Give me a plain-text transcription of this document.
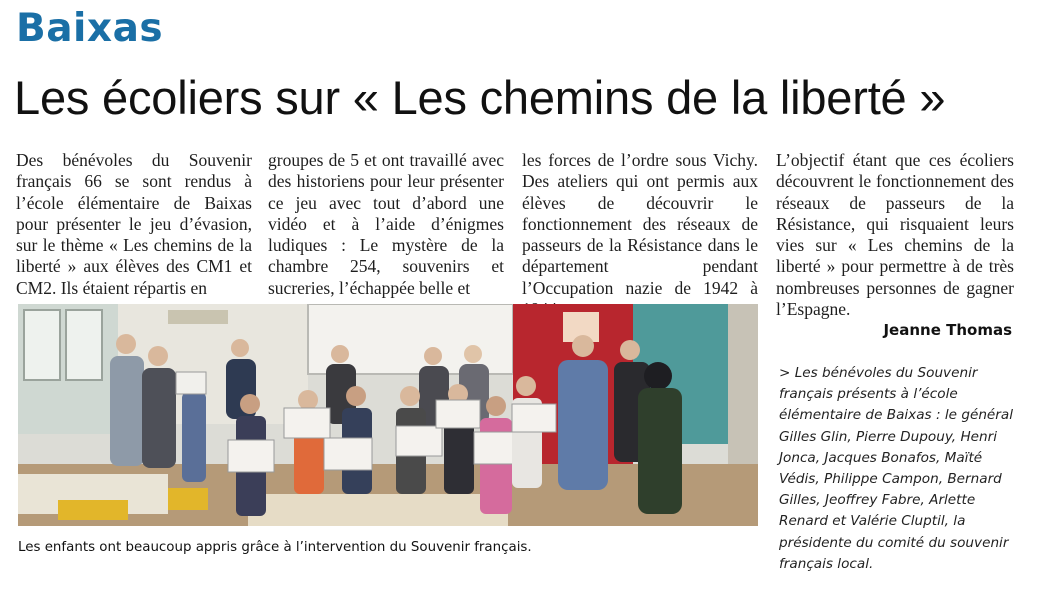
Baixas
Les écoliers sur « Les chemins de la liberté »

Des bénévoles du Souvenir français 66 se sont rendus à l’école élémentaire de Baixas pour présenter le jeu d’évasion, sur le thème « Les chemins de la liberté » aux élèves des CM1 et CM2. Ils étaient répartis en

groupes de 5 et ont travaillé avec des historiens pour leur présenter ce jeu avec tout d’abord une vidéo et à l’aide d’énigmes ludiques : Le mystère de la chambre 254, souvenirs et sucreries, l’échappée belle et

les forces de l’ordre sous Vichy. Des ateliers qui ont permis aux élèves de découvrir le fonctionnement des réseaux de passeurs de la Résistance dans le département pendant l’Occupation nazie de 1942 à

L’objectif étant que ces écoliers découvrent le fonctionnement des réseaux de passeurs de la Résistance, qui risquaient leurs vies sur « Les chemins de la liberté » pour permettre à de très nombreuses personnes de gagner l’Espagne.

Jeanne Thomas

Les enfants ont beaucoup appris grâce à l’intervention du Souvenir français.

> Les bénévoles du Souvenir français présents à l’école élémentaire de Baixas : le général Gilles Glin, Pierre Dupouy, Henri Jonca, Jacques Bonafos, Maïté Védis, Philippe Campon, Bernard Gilles, Jeoffrey Fabre, Arlette Renard et Valérie Cluptil, la présidente du comité du souvenir français local.
